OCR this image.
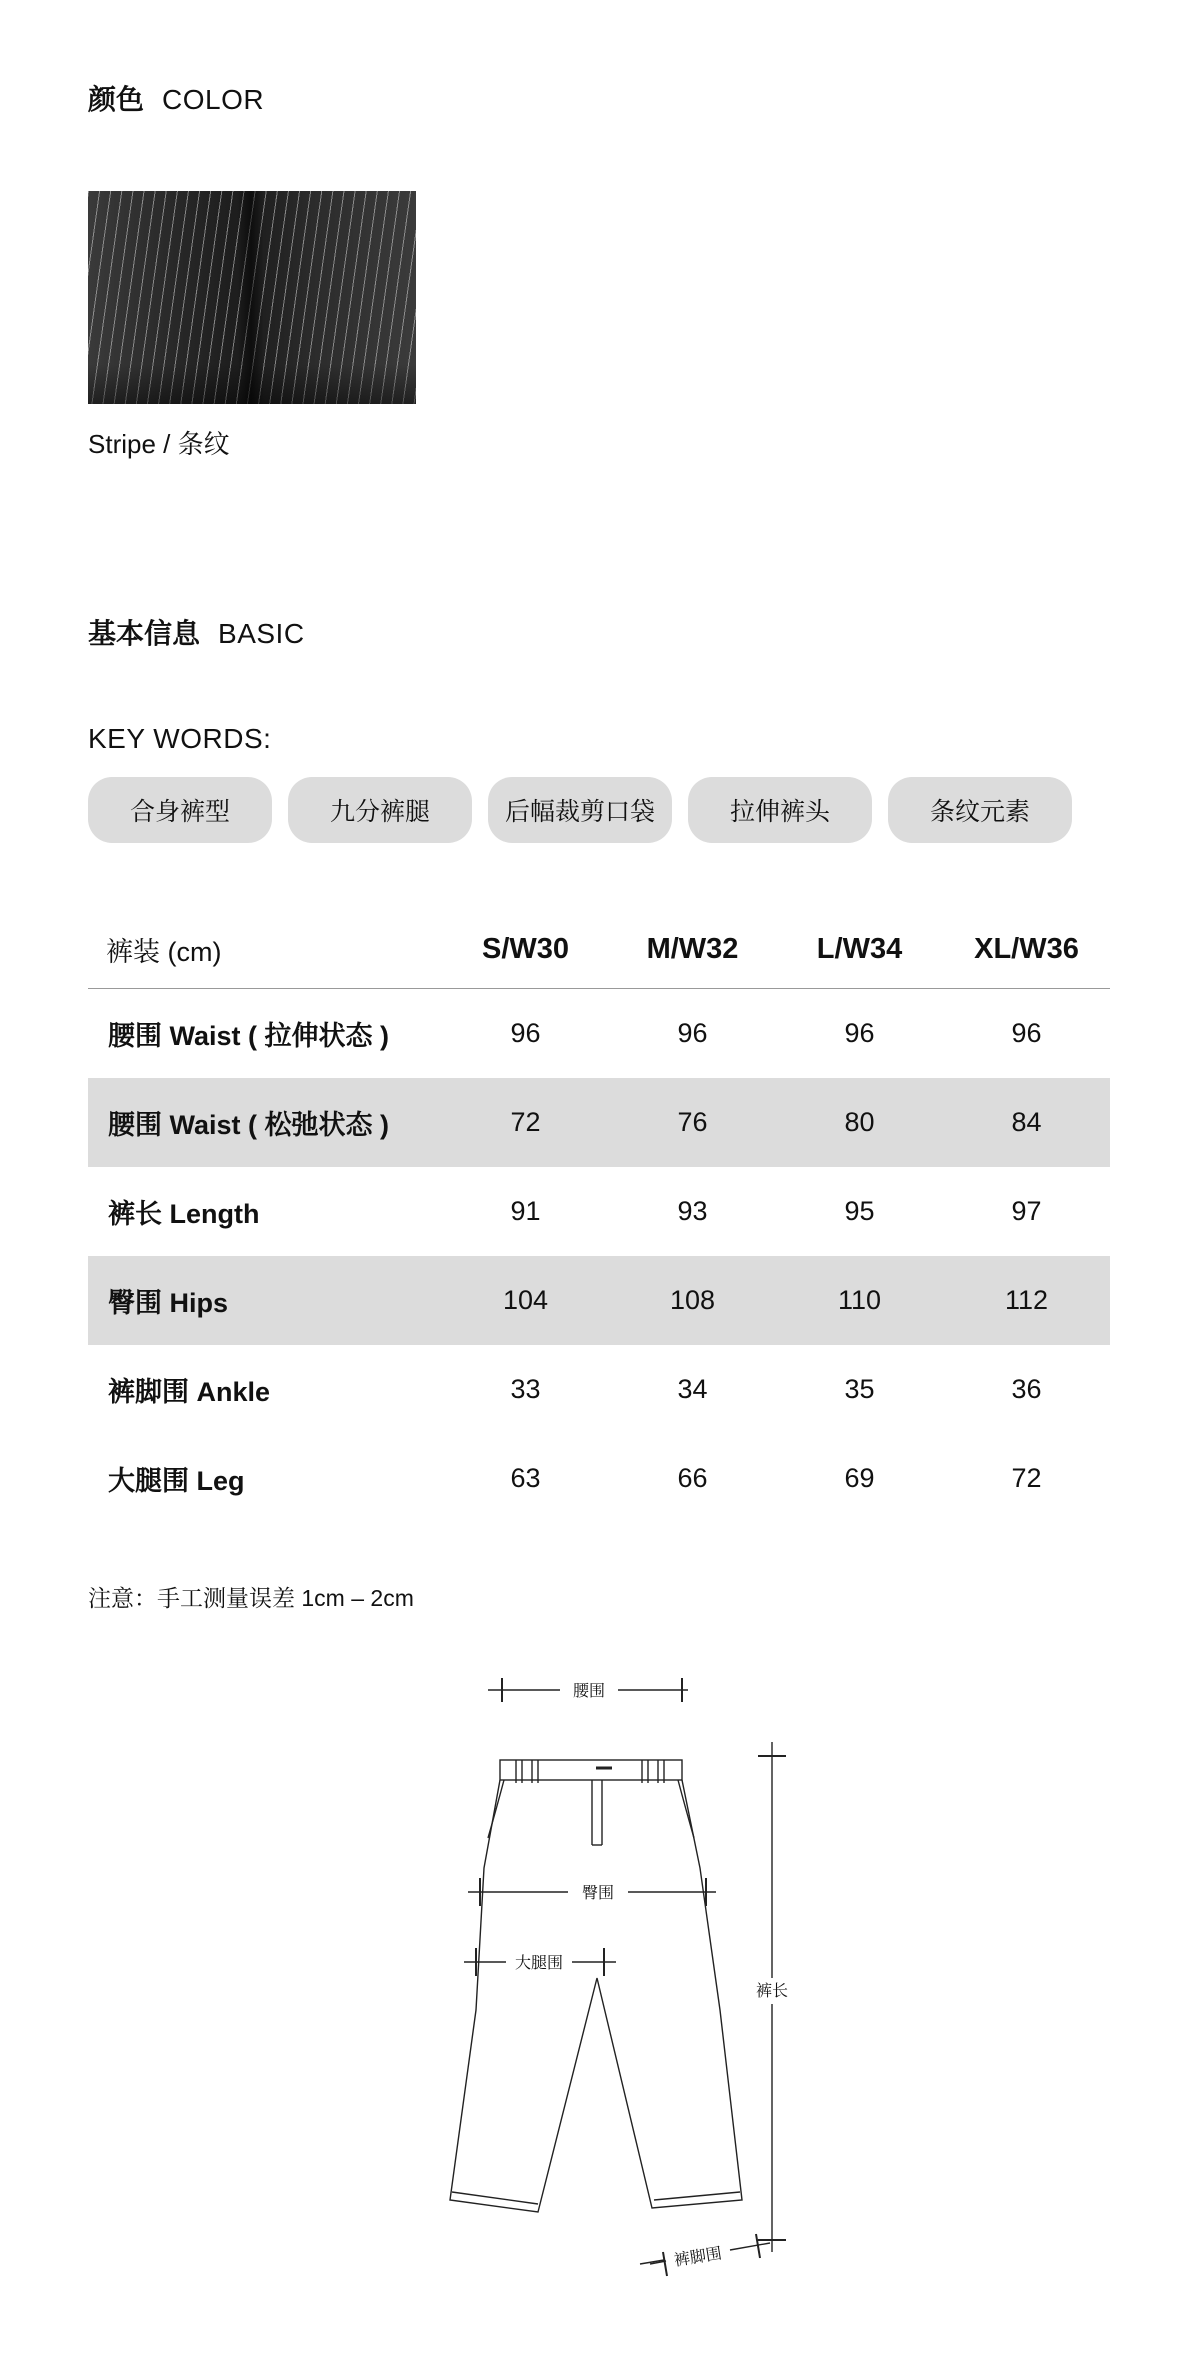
颜色 COLOR
Stripe / 条纹
基本信息 BASIC
KEY WORDS:
合身裤型	九分裤腿	后幅裁剪口袋	拉伸裤头	条纹元素
裤装 (cm)	S/W30	M/W32	L/W34	XL/W36
腰围 Waist ( 拉伸状态 )	96	96	96	96
腰围 Waist ( 松弛状态 )	72	76	80	84
裤长 Length	91	93	95	97
臀围 Hips	104	108	110	112
裤脚围 Ankle	33	34	35	36
大腿围 Leg	63	66	69	72
注意：手工测量误差 1cm – 2cm
腰围
臀围
大腿围
裤长
裤脚围
